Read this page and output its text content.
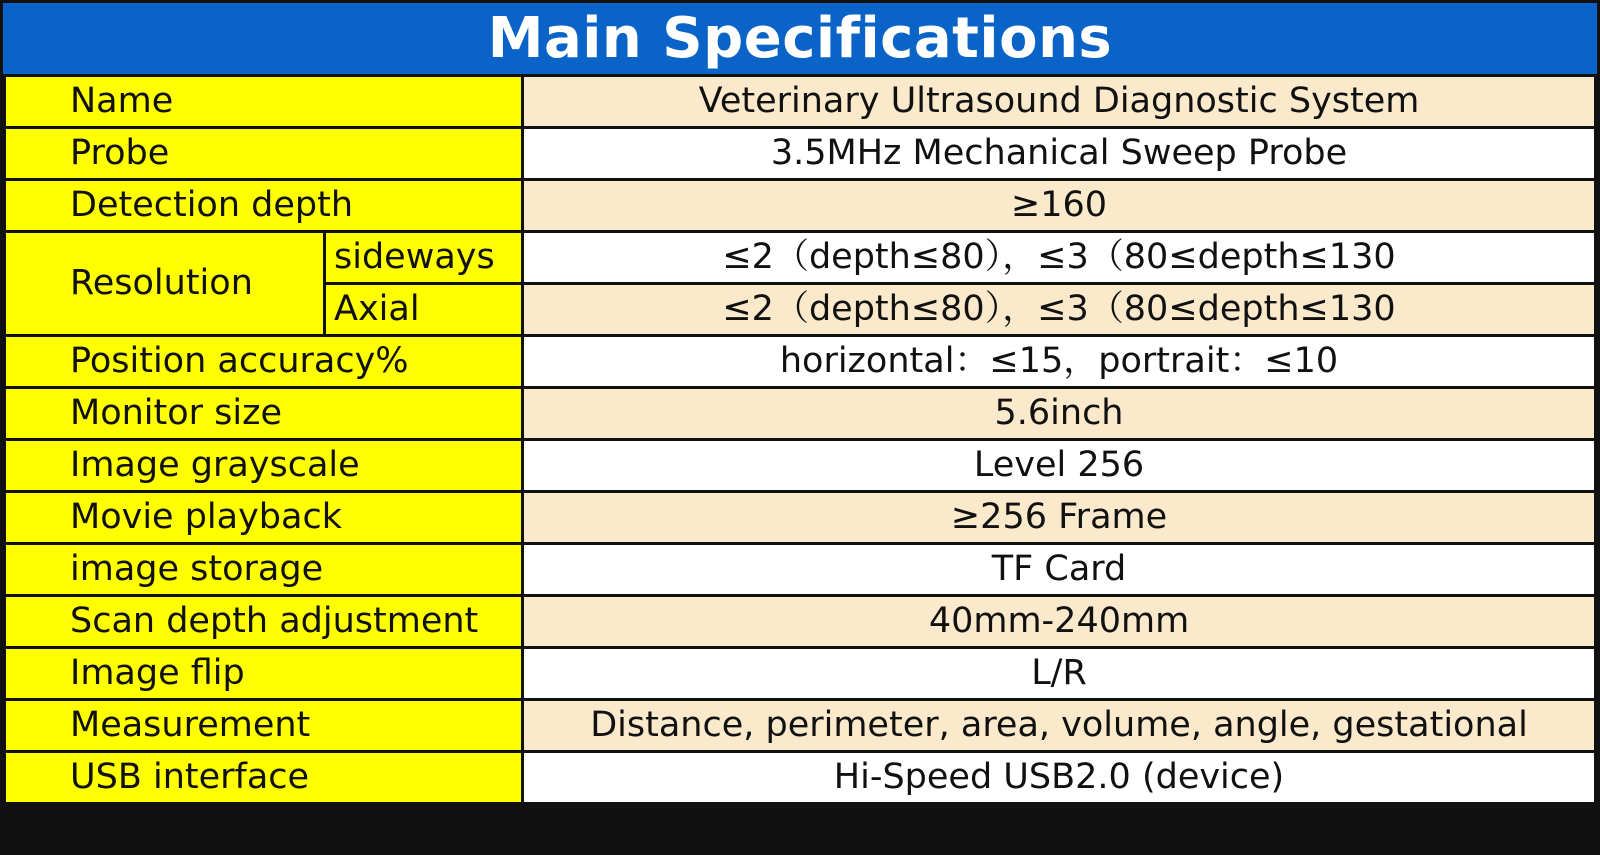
Main Specifications
Name		Veterinary Ultrasound Diagnostic System
Probe		3.5MHz Mechanical Sweep Probe
Detection depth		≥160
Resolution	sideways	≤2（depth≤80），≤3（80≤depth≤130
	Axial	≤2（depth≤80），≤3（80≤depth≤130
Position accuracy%		horizontal：≤15，portrait：≤10
Monitor size		5.6inch
Image grayscale		Level 256
Movie playback		≥256 Frame
image storage		TF Card
Scan depth adjustment		40mm-240mm
Image flip		L/R
Measurement		Distance, perimeter, area, volume, angle, gestational
USB interface		Hi-Speed USB2.0 (device)
